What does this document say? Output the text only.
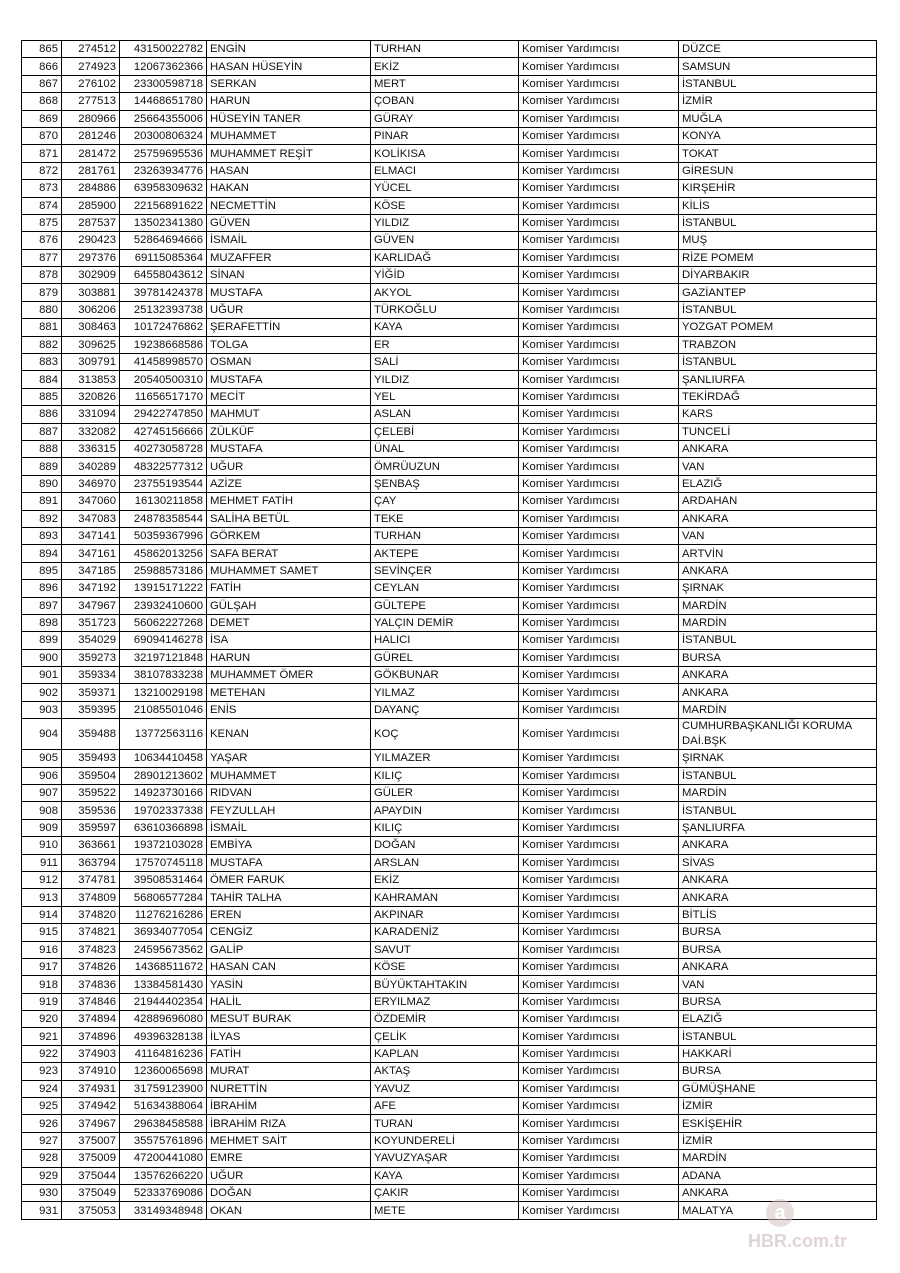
865	274512	43150022782	ENGİN	TURHAN	Komiser Yardımcısı	DÜZCE
866	274923	12067362366	HASAN HÜSEYİN	EKİZ	Komiser Yardımcısı	SAMSUN
867	276102	23300598718	SERKAN	MERT	Komiser Yardımcısı	İSTANBUL
868	277513	14468651780	HARUN	ÇOBAN	Komiser Yardımcısı	İZMİR
869	280966	25664355006	HÜSEYİN TANER	GÜRAY	Komiser Yardımcısı	MUĞLA
870	281246	20300806324	MUHAMMET	PINAR	Komiser Yardımcısı	KONYA
871	281472	25759695536	MUHAMMET REŞİT	KOLİKISA	Komiser Yardımcısı	TOKAT
872	281761	23263934776	HASAN	ELMACI	Komiser Yardımcısı	GİRESUN
873	284886	63958309632	HAKAN	YÜCEL	Komiser Yardımcısı	KIRŞEHİR
874	285900	22156891622	NECMETTİN	KÖSE	Komiser Yardımcısı	KİLİS
875	287537	13502341380	GÜVEN	YILDIZ	Komiser Yardımcısı	İSTANBUL
876	290423	52864694666	İSMAİL	GÜVEN	Komiser Yardımcısı	MUŞ
877	297376	69115085364	MUZAFFER	KARLIDAĞ	Komiser Yardımcısı	RİZE POMEM
878	302909	64558043612	SİNAN	YİĞİD	Komiser Yardımcısı	DİYARBAKIR
879	303881	39781424378	MUSTAFA	AKYOL	Komiser Yardımcısı	GAZİANTEP
880	306206	25132393738	UĞUR	TÜRKOĞLU	Komiser Yardımcısı	İSTANBUL
881	308463	10172476862	ŞERAFETTİN	KAYA	Komiser Yardımcısı	YOZGAT POMEM
882	309625	19238668586	TOLGA	ER	Komiser Yardımcısı	TRABZON
883	309791	41458998570	OSMAN	SALİ	Komiser Yardımcısı	İSTANBUL
884	313853	20540500310	MUSTAFA	YILDIZ	Komiser Yardımcısı	ŞANLIURFA
885	320826	11656517170	MECİT	YEL	Komiser Yardımcısı	TEKİRDAĞ
886	331094	29422747850	MAHMUT	ASLAN	Komiser Yardımcısı	KARS
887	332082	42745156666	ZÜLKÜF	ÇELEBİ	Komiser Yardımcısı	TUNCELİ
888	336315	40273058728	MUSTAFA	ÜNAL	Komiser Yardımcısı	ANKARA
889	340289	48322577312	UĞUR	ÖMRÜUZUN	Komiser Yardımcısı	VAN
890	346970	23755193544	AZİZE	ŞENBAŞ	Komiser Yardımcısı	ELAZIĞ
891	347060	16130211858	MEHMET FATİH	ÇAY	Komiser Yardımcısı	ARDAHAN
892	347083	24878358544	SALİHA BETÜL	TEKE	Komiser Yardımcısı	ANKARA
893	347141	50359367996	GÖRKEM	TURHAN	Komiser Yardımcısı	VAN
894	347161	45862013256	SAFA BERAT	AKTEPE	Komiser Yardımcısı	ARTVİN
895	347185	25988573186	MUHAMMET SAMET	SEVİNÇER	Komiser Yardımcısı	ANKARA
896	347192	13915171222	FATİH	CEYLAN	Komiser Yardımcısı	ŞIRNAK
897	347967	23932410600	GÜLŞAH	GÜLTEPE	Komiser Yardımcısı	MARDİN
898	351723	56062227268	DEMET	YALÇIN DEMİR	Komiser Yardımcısı	MARDİN
899	354029	69094146278	İSA	HALICI	Komiser Yardımcısı	İSTANBUL
900	359273	32197121848	HARUN	GÜREL	Komiser Yardımcısı	BURSA
901	359334	38107833238	MUHAMMET ÖMER	GÖKBUNAR	Komiser Yardımcısı	ANKARA
902	359371	13210029198	METEHAN	YILMAZ	Komiser Yardımcısı	ANKARA
903	359395	21085501046	ENİS	DAYANÇ	Komiser Yardımcısı	MARDİN
904	359488	13772563116	KENAN	KOÇ	Komiser Yardımcısı	CUMHURBAŞKANLIĞI KORUMA DAİ.BŞK
905	359493	10634410458	YAŞAR	YILMAZER	Komiser Yardımcısı	ŞIRNAK
906	359504	28901213602	MUHAMMET	KILIÇ	Komiser Yardımcısı	İSTANBUL
907	359522	14923730166	RIDVAN	GÜLER	Komiser Yardımcısı	MARDİN
908	359536	19702337338	FEYZULLAH	APAYDIN	Komiser Yardımcısı	İSTANBUL
909	359597	63610366898	İSMAİL	KILIÇ	Komiser Yardımcısı	ŞANLIURFA
910	363661	19372103028	EMBİYA	DOĞAN	Komiser Yardımcısı	ANKARA
911	363794	17570745118	MUSTAFA	ARSLAN	Komiser Yardımcısı	SİVAS
912	374781	39508531464	ÖMER FARUK	EKİZ	Komiser Yardımcısı	ANKARA
913	374809	56806577284	TAHİR TALHA	KAHRAMAN	Komiser Yardımcısı	ANKARA
914	374820	11276216286	EREN	AKPINAR	Komiser Yardımcısı	BİTLİS
915	374821	36934077054	CENGİZ	KARADENİZ	Komiser Yardımcısı	BURSA
916	374823	24595673562	GALİP	SAVUT	Komiser Yardımcısı	BURSA
917	374826	14368511672	HASAN CAN	KÖSE	Komiser Yardımcısı	ANKARA
918	374836	13384581430	YASİN	BÜYÜKTAHTAKIN	Komiser Yardımcısı	VAN
919	374846	21944402354	HALİL	ERYILMAZ	Komiser Yardımcısı	BURSA
920	374894	42889696080	MESUT BURAK	ÖZDEMİR	Komiser Yardımcısı	ELAZIĞ
921	374896	49396328138	İLYAS	ÇELİK	Komiser Yardımcısı	İSTANBUL
922	374903	41164816236	FATİH	KAPLAN	Komiser Yardımcısı	HAKKARİ
923	374910	12360065698	MURAT	AKTAŞ	Komiser Yardımcısı	BURSA
924	374931	31759123900	NURETTİN	YAVUZ	Komiser Yardımcısı	GÜMÜŞHANE
925	374942	51634388064	İBRAHİM	AFE	Komiser Yardımcısı	İZMİR
926	374967	29638458588	İBRAHİM RIZA	TURAN	Komiser Yardımcısı	ESKİŞEHİR
927	375007	35575761896	MEHMET SAİT	KOYUNDERELİ	Komiser Yardımcısı	İZMİR
928	375009	47200441080	EMRE	YAVUZYAŞAR	Komiser Yardımcısı	MARDİN
929	375044	13576266220	UĞUR	KAYA	Komiser Yardımcısı	ADANA
930	375049	52333769086	DOĞAN	ÇAKIR	Komiser Yardımcısı	ANKARA
931	375053	33149348948	OKAN	METE	Komiser Yardımcısı	MALATYA a
HBR.com.tr
